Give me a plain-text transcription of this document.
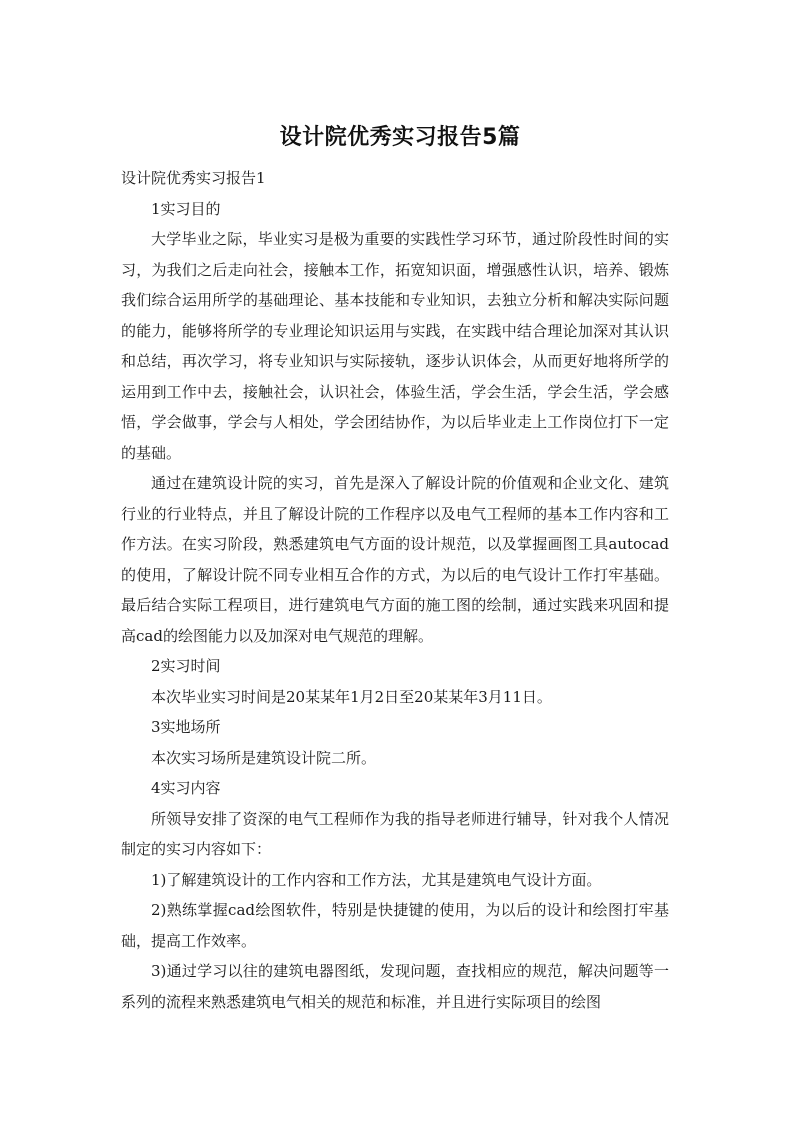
设计院优秀实习报告5篇

设计院优秀实习报告1

1实习目的

大学毕业之际，毕业实习是极为重要的实践性学习环节，通过阶段性时间的实习，为我们之后走向社会，接触本工作，拓宽知识面，增强感性认识，培养、锻炼我们综合运用所学的基础理论、基本技能和专业知识，去独立分析和解决实际问题的能力，能够将所学的专业理论知识运用与实践，在实践中结合理论加深对其认识和总结，再次学习，将专业知识与实际接轨，逐步认识体会，从而更好地将所学的运用到工作中去，接触社会，认识社会，体验生活，学会生活，学会生活，学会感悟，学会做事，学会与人相处，学会团结协作，为以后毕业走上工作岗位打下一定的基础。

通过在建筑设计院的实习，首先是深入了解设计院的价值观和企业文化、建筑行业的行业特点，并且了解设计院的工作程序以及电气工程师的基本工作内容和工作方法。在实习阶段，熟悉建筑电气方面的设计规范，以及掌握画图工具autocad的使用，了解设计院不同专业相互合作的方式，为以后的电气设计工作打牢基础。最后结合实际工程项目，进行建筑电气方面的施工图的绘制，通过实践来巩固和提高cad的绘图能力以及加深对电气规范的理解。

2实习时间

本次毕业实习时间是20某某年1月2日至20某某年3月11日。

3实地场所

本次实习场所是建筑设计院二所。

4实习内容

所领导安排了资深的电气工程师作为我的指导老师进行辅导，针对我个人情况制定的实习内容如下：

1)了解建筑设计的工作内容和工作方法，尤其是建筑电气设计方面。

2)熟练掌握cad绘图软件，特别是快捷键的使用，为以后的设计和绘图打牢基础，提高工作效率。

3)通过学习以往的建筑电器图纸，发现问题，查找相应的规范，解决问题等一系列的流程来熟悉建筑电气相关的规范和标准，并且进行实际项目的绘图
